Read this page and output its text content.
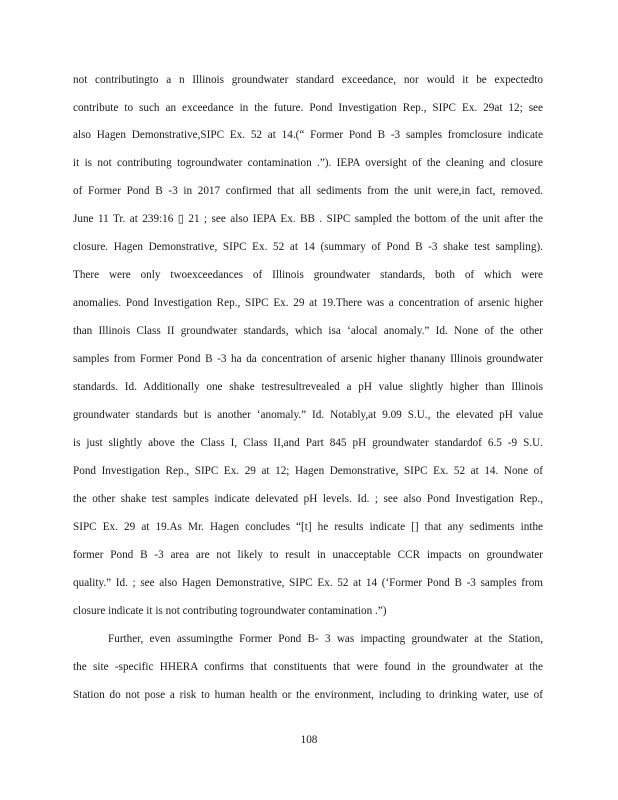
not contributingto a n Illinois groundwater standard exceedance, nor would it be expectedto
contribute to such an exceedance in the future. Pond Investigation Rep., SIPC Ex. 29at 12; see
also Hagen Demonstrative,SIPC Ex. 52 at 14.(“ Former Pond B -3 samples fromclosure indicate
it is not contributing togroundwater contamination .”). IEPA oversight of the cleaning and closure
of Former Pond B -3 in 2017 confirmed that all sediments from the unit were,in fact, removed.
June 11 Tr. at 239:16 ▯ 21 ; see also IEPA Ex. BB . SIPC sampled the bottom of the unit after the
closure. Hagen Demonstrative, SIPC Ex. 52 at 14 (summary of Pond B -3 shake test sampling).
There were only twoexceedances of Illinois groundwater standards, both of which were
anomalies. Pond Investigation Rep., SIPC Ex. 29 at 19.There was a concentration of arsenic higher
than Illinois Class II groundwater standards, which isa ‘alocal anomaly.” Id. None of the other
samples from Former Pond B -3 ha da concentration of arsenic higher thanany Illinois groundwater
standards. Id. Additionally one shake testresultrevealed a pH value slightly higher than Illinois
groundwater standards but is another ‘anomaly.” Id. Notably,at 9.09 S.U., the elevated pH value
is just slightly above the Class I, Class II,and Part 845 pH groundwater standardof 6.5 -9 S.U.
Pond Investigation Rep., SIPC Ex. 29 at 12; Hagen Demonstrative, SIPC Ex. 52 at 14. None of
the other shake test samples indicate delevated pH levels. Id. ; see also Pond Investigation Rep.,
SIPC Ex. 29 at 19.As Mr. Hagen concludes “[t] he results indicate [] that any sediments inthe
former Pond B -3 area are not likely to result in unacceptable CCR impacts on groundwater
quality.” Id. ; see also Hagen Demonstrative, SIPC Ex. 52 at 14 (‘Former Pond B -3 samples from
closure indicate it is not contributing togroundwater contamination .”)
Further, even assumingthe Former Pond B- 3 was impacting groundwater at the Station,
the site -specific HHERA confirms that constituents that were found in the groundwater at the
Station do not pose a risk to human health or the environment, including to drinking water, use of
108
